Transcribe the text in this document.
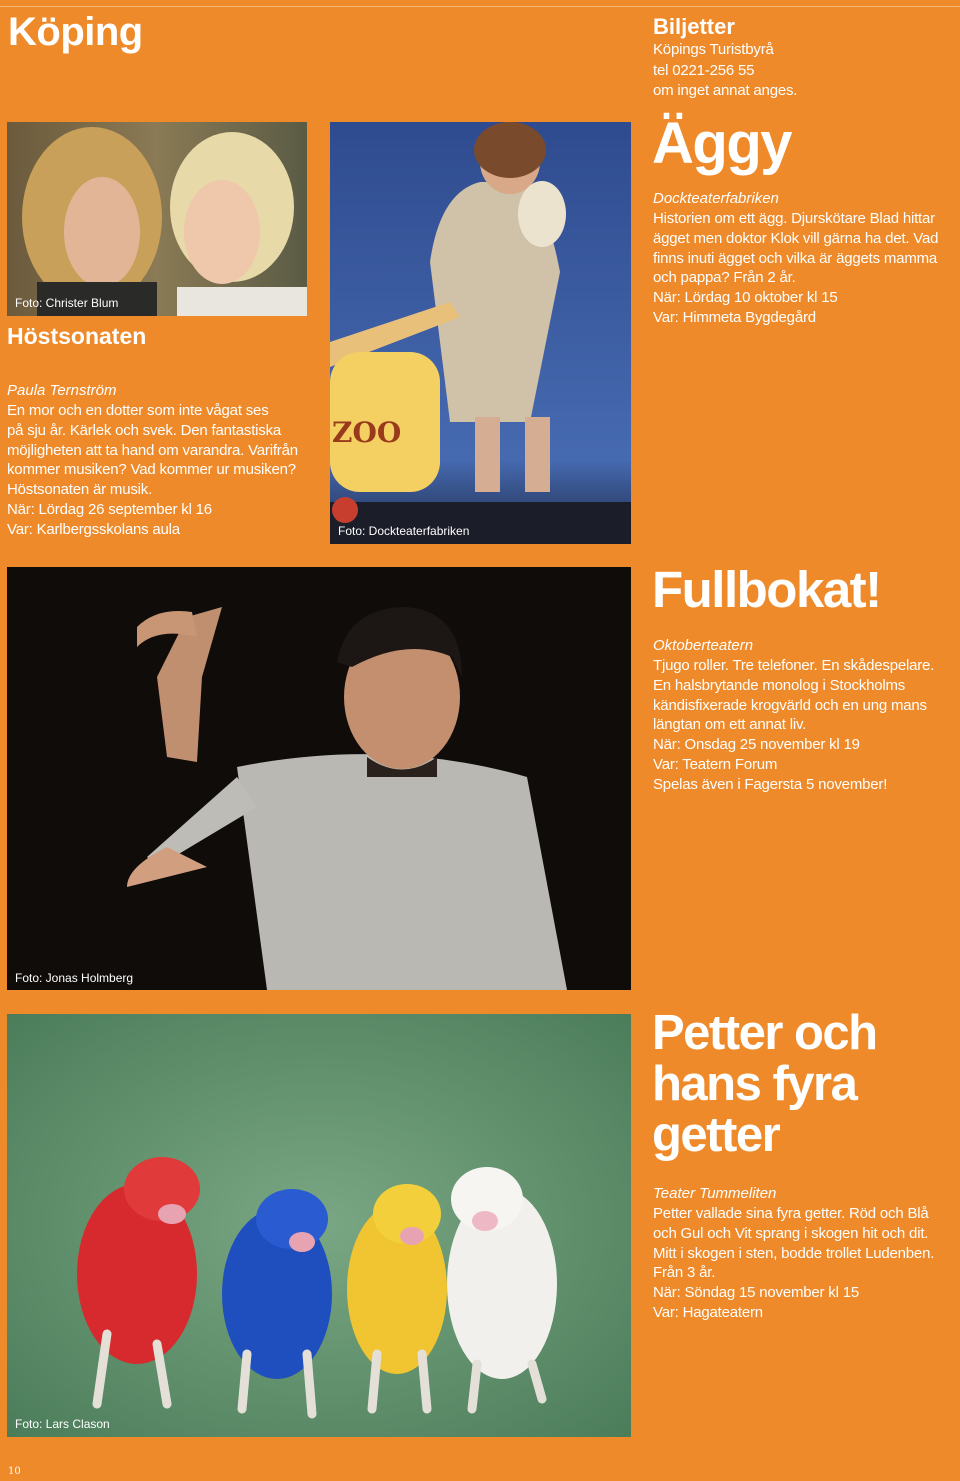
Köping	Biljetter
Köpings Turistbyrå
tel 0221-256 55
om inget annat anges.
Foto: Christer Blum
Höstsonaten
Paula Ternström
En mor och en dotter som inte vågat ses
på sju år. Kärlek och svek. Den fantastiska
möjligheten att ta hand om varandra. Varifrån
kommer musiken? Vad kommer ur musiken?
Höstsonaten är musik.
När: Lördag 26 september kl 16
Var: Karlbergsskolans aula
ZOO
Foto: Dockteaterfabriken
Äggy
Dockteaterfabriken
Historien om ett ägg. Djurskötare Blad hittar
ägget men doktor Klok vill gärna ha det. Vad
finns inuti ägget och vilka är äggets mamma
och pappa? Från 2 år.
När: Lördag 10 oktober kl 15
Var: Himmeta Bygdegård
Foto: Jonas Holmberg
Fullbokat!
Oktoberteatern
Tjugo roller. Tre telefoner. En skådespelare.
En halsbrytande monolog i Stockholms
kändisfixerade krogvärld och en ung mans
längtan om ett annat liv.
När: Onsdag 25 november kl 19
Var: Teatern Forum
Spelas även i Fagersta 5 november!
Foto: Lars Clason
Petter och
hans fyra
getter
Teater Tummeliten
Petter vallade sina fyra getter. Röd och Blå
och Gul och Vit sprang i skogen hit och dit.
Mitt i skogen i sten, bodde trollet Ludenben.
Från 3 år.
När: Söndag 15 november kl 15
Var: Hagateatern
10
